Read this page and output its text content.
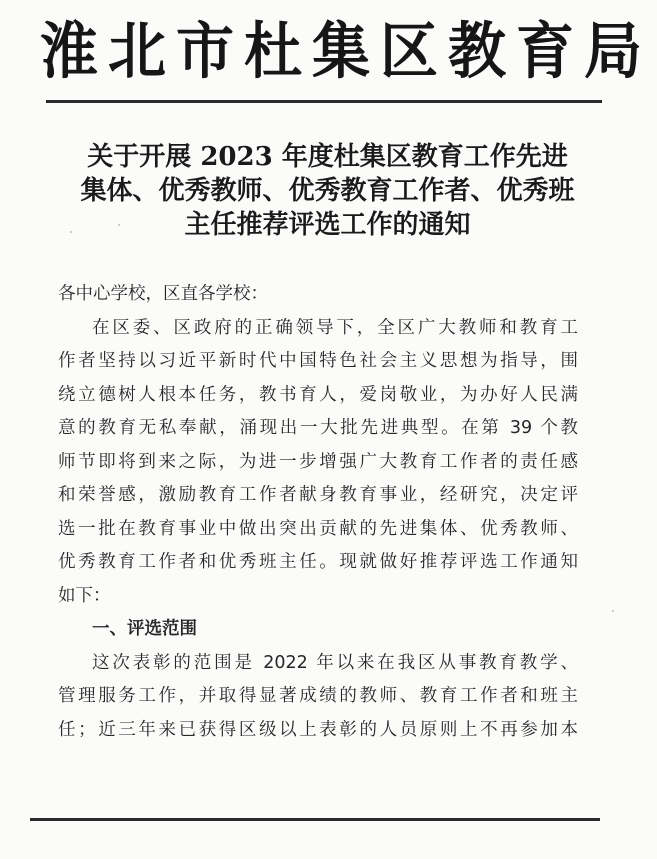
淮北市杜集区教育局
关于开展 2023 年度杜集区教育工作先进
集体、优秀教师、优秀教育工作者、优秀班
主任推荐评选工作的通知
各中心学校，区直各学校：
在区委、区政府的正确领导下，全区广大教师和教育工
作者坚持以习近平新时代中国特色社会主义思想为指导，围
绕立德树人根本任务，教书育人，爱岗敬业，为办好人民满
意的教育无私奉献，涌现出一大批先进典型。在第 39 个教
师节即将到来之际，为进一步增强广大教育工作者的责任感
和荣誉感，激励教育工作者献身教育事业，经研究，决定评
选一批在教育事业中做出突出贡献的先进集体、优秀教师、
优秀教育工作者和优秀班主任。现就做好推荐评选工作通知
如下：
一、评选范围
这次表彰的范围是 2022 年以来在我区从事教育教学、
管理服务工作，并取得显著成绩的教师、教育工作者和班主
任；近三年来已获得区级以上表彰的人员原则上不再参加本
